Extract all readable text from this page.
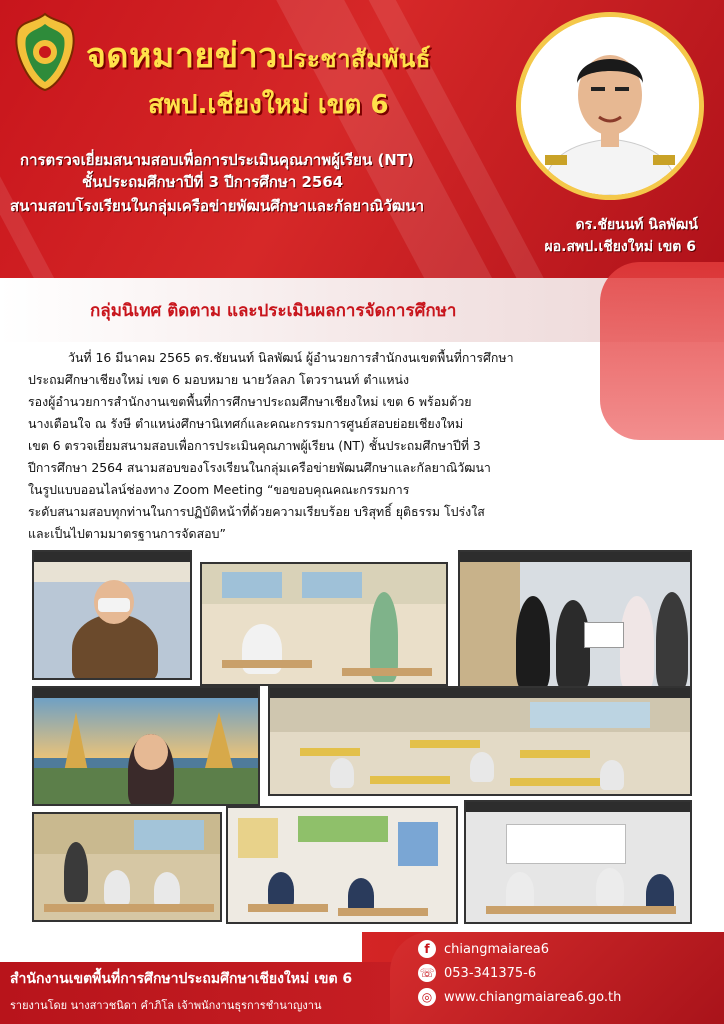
จดหมายข่าวประชาสัมพันธ์
สพป.เชียงใหม่ เขต 6
การตรวจเยี่ยมสนามสอบเพื่อการประเมินคุณภาพผู้เรียน (NT)
ชั้นประถมศึกษาปีที่ 3 ปีการศึกษา 2564
สนามสอบโรงเรียนในกลุ่มเครือข่ายพัฒนศึกษาและกัลยาณิวัฒนา
ดร.ชัยนนท์ นิลพัฒน์
ผอ.สพป.เชียงใหม่ เขต 6
กลุ่มนิเทศ ติดตาม และประเมินผลการจัดการศึกษา

วันที่ 16 มีนาคม 2565 ดร.ชัยนนท์ นิลพัฒน์ ผู้อำนวยการสำนักงนเขตพื้นที่การศึกษา

ประถมศึกษาเชียงใหม่ เขต 6 มอบหมาย นายวัลลภ โตวรานนท์ ตำแหน่ง

รองผู้อำนวยการสำนักงานเขตพื้นที่การศึกษาประถมศึกษาเชียงใหม่ เขต 6 พร้อมด้วย

นางเตือนใจ ณ รังษี ตำแหน่งศึกษานิเทศก์และคณะกรรมการศูนย์สอบย่อยเชียงใหม่

เขต 6 ตรวจเยี่ยมสนามสอบเพื่อการประเมินคุณภาพผู้เรียน (NT) ชั้นประถมศึกษาปีที่ 3

ปีการศึกษา 2564 สนามสอบของโรงเรียนในกลุ่มเครือข่ายพัฒนศึกษาและกัลยาณิวัฒนา

ในรูปแบบออนไลน์ช่องทาง Zoom Meeting “ขอขอบคุณคณะกรรมการ

ระดับสนามสอบทุกท่านในการปฏิบัติหน้าที่ด้วยความเรียบร้อย บริสุทธิ์ ยุติธรรม โปร่งใส

และเป็นไปตามมาตรฐานการจัดสอบ”

สำนักงานเขตพื้นที่การศึกษาประถมศึกษาเชียงใหม่ เขต 6
รายงานโดย นางสาวชนิดา คำภิโล เจ้าพนักงานธุรการชำนาญงาน
f	chiangmaiarea6
☏ 053-341375-6
◎ www.chiangmaiarea6.go.th
